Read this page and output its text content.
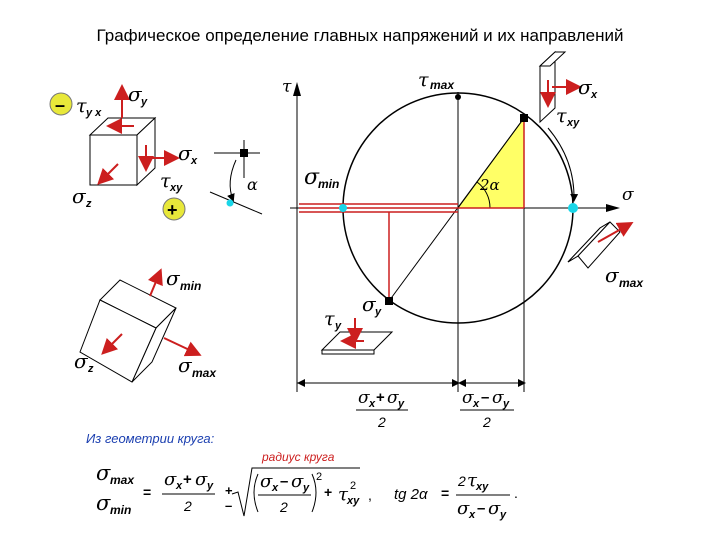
Графическое определение главных напряжений и их направлений
τ
σ
2α
τ max
σ
min
σ x + σ y
2
σ x – σ y
2
σ y
τ y x
σ x
τ xy
σ z
–
+
α
σ min
σ max
σ z
σ x
τ xy
σ max
σ y
τ y
Из геометрии круга:
радиус круга
σ max
σ min
=
σ x + σ y
2
+
–
σ x – σ y
2
2
+ τ xy
2
, tg 2α =
2 τ xy
σ x – σ y
.
